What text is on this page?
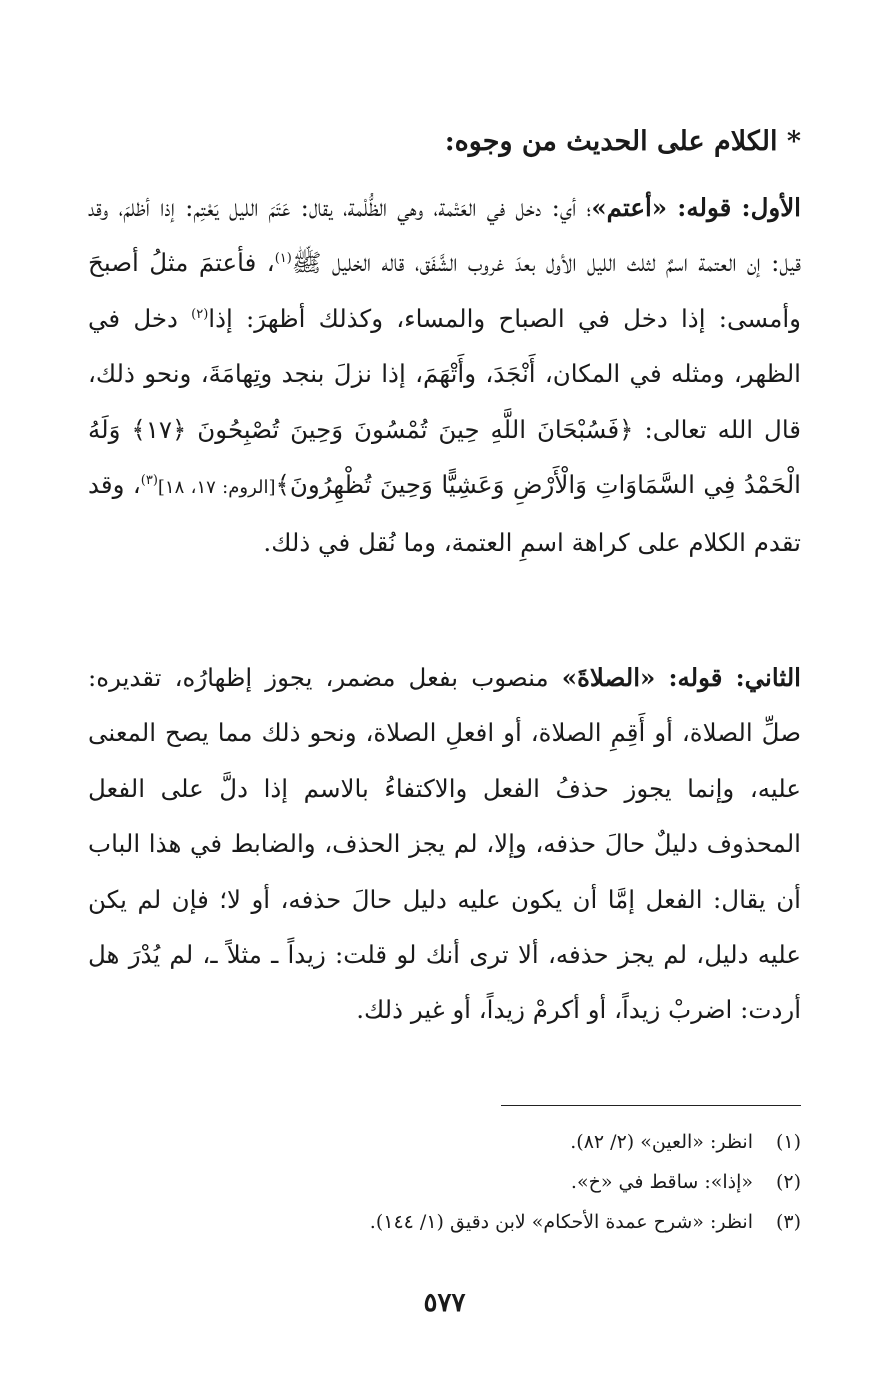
* الكلام على الحديث من وجوه:
الأول: قوله: «أعتم»؛ أي: دخل في العَتْمة، وهي الظُّلْمة، يقال: عَتَمَ الليل يَعْتِم: إذا أظلمَ، وقد قيل: إن العتمة اسمٌ لثلث الليل الأول بعدَ غروب الشَّفَق، قاله الخليل ﷺ$^{(١)}$، فأعتمَ مثلُ أصبحَ وأمسى: إذا دخل في الصباح والمساء، وكذلك أظهرَ: إذا$^{(٢)}$ دخل في الظهر، ومثله في المكان، أَنْجَدَ، وأَتْهَمَ، إذا نزلَ بنجد وتِهامَةَ، ونحو ذلك، قال الله تعالى: ﴿فَسُبْحَانَ اللَّهِ حِينَ تُمْسُونَ وَحِينَ تُصْبِحُونَ ﴿١٧﴾ وَلَهُ الْحَمْدُ فِي السَّمَاوَاتِ وَالْأَرْضِ وَعَشِيًّا وَحِينَ تُظْهِرُونَ﴾[الروم: ١٧، ١٨]$^{(٣)}$، وقد تقدم الكلام على كراهة اسمِ العتمة، وما نُقل في ذلك.
الثاني: قوله: «الصلاةَ» منصوب بفعل مضمر، يجوز إظهارُه، تقديره: صلِّ الصلاة، أو أَقِمِ الصلاة، أو افعلِ الصلاة، ونحو ذلك مما يصح المعنى عليه، وإنما يجوز حذفُ الفعل والاكتفاءُ بالاسم إذا دلَّ على الفعل المحذوف دليلٌ حالَ حذفه، وإلا، لم يجز الحذف، والضابط في هذا الباب أن يقال: الفعل إمَّا أن يكون عليه دليل حالَ حذفه، أو لا؛ فإن لم يكن عليه دليل، لم يجز حذفه، ألا ترى أنك لو قلت: زيداً ـ مثلاً ـ، لم يُدْرَ هل أردت: اضربْ زيداً، أو أكرمْ زيداً، أو غير ذلك.
(١)
انظر: «العين» (٢/ ٨٢).
(٢)
«إذا»: ساقط في «خ».
(٣)
انظر: «شرح عمدة الأحكام» لابن دقيق (١/ ١٤٤).
٥٧٧
